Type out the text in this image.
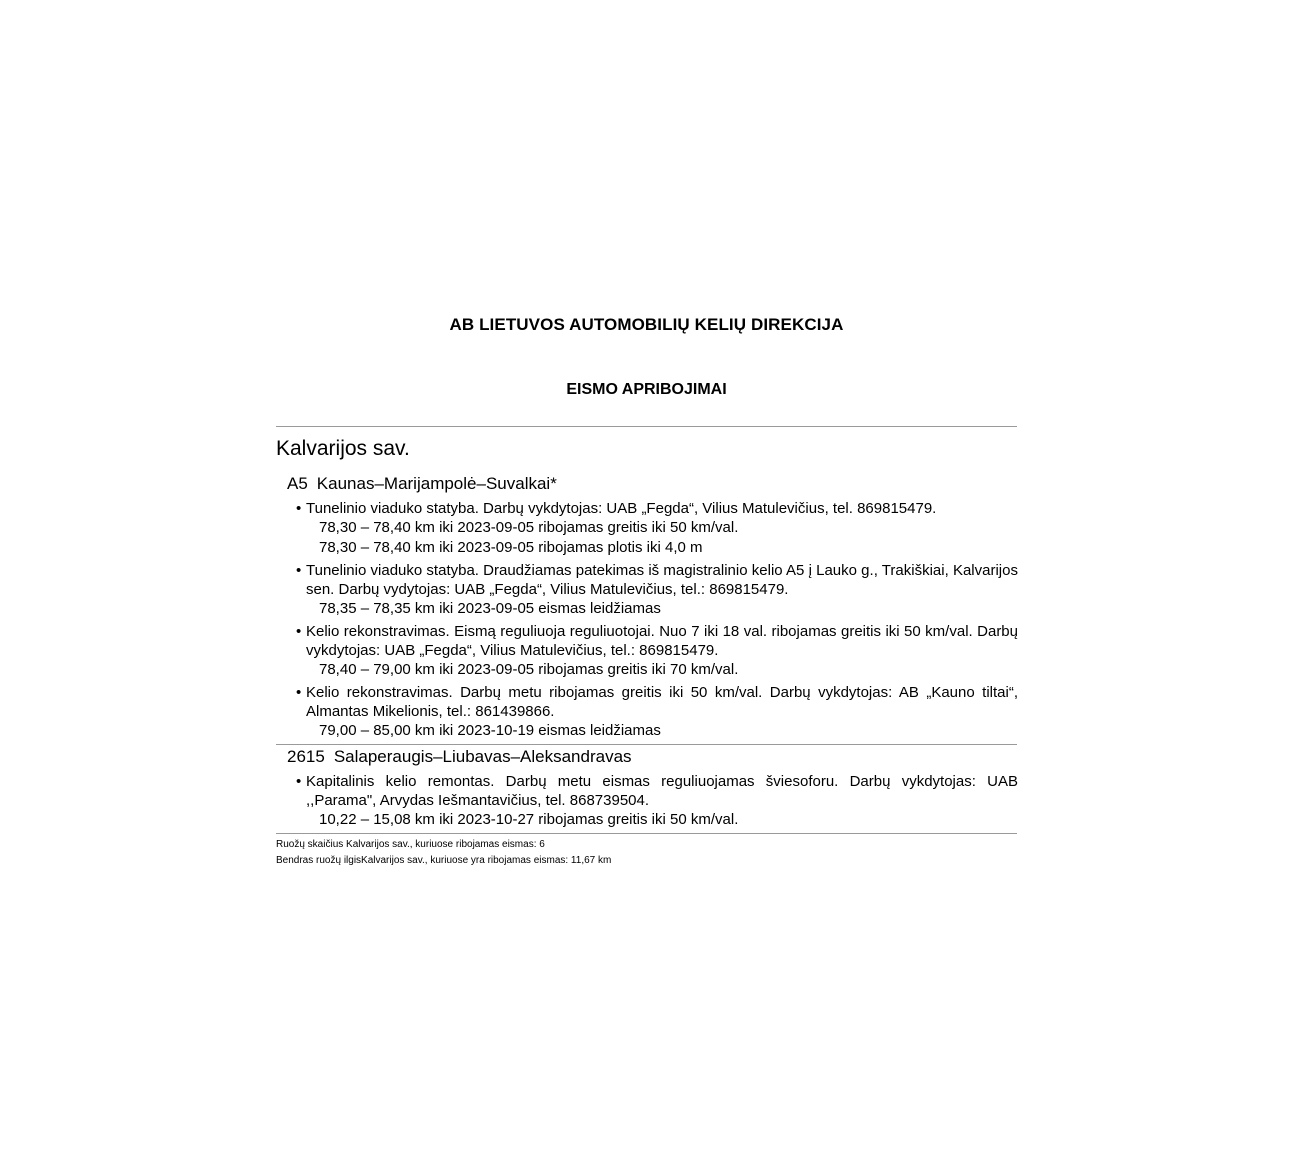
AB LIETUVOS AUTOMOBILIŲ KELIŲ DIREKCIJA
EISMO APRIBOJIMAI
Kalvarijos sav.
A5 Kaunas–Marijampolė–Suvalkai*
• Tunelinio viaduko statyba. Darbų vykdytojas: UAB „Fegda“, Vilius Matulevičius, tel. 869815479.
78,30 – 78,40 km iki 2023-09-05 ribojamas greitis iki 50 km/val.
78,30 – 78,40 km iki 2023-09-05 ribojamas plotis iki 4,0 m
• Tunelinio viaduko statyba. Draudžiamas patekimas iš magistralinio kelio A5 į Lauko g., Trakiškiai, Kalvarijos sen. Darbų vydytojas: UAB „Fegda“, Vilius Matulevičius, tel.: 869815479.
78,35 – 78,35 km iki 2023-09-05 eismas leidžiamas
• Kelio rekonstravimas. Eismą reguliuoja reguliuotojai. Nuo 7 iki 18 val. ribojamas greitis iki 50 km/val. Darbų vykdytojas: UAB „Fegda“, Vilius Matulevičius, tel.: 869815479.
78,40 – 79,00 km iki 2023-09-05 ribojamas greitis iki 70 km/val.
• Kelio rekonstravimas. Darbų metu ribojamas greitis iki 50 km/val. Darbų vykdytojas: AB „Kauno tiltai“, Almantas Mikelionis, tel.: 861439866.
79,00 – 85,00 km iki 2023-10-19 eismas leidžiamas
2615 Salaperaugis–Liubavas–Aleksandravas
• Kapitalinis kelio remontas. Darbų metu eismas reguliuojamas šviesoforu. Darbų vykdytojas: UAB ,,Parama", Arvydas Iešmantavičius, tel. 868739504.
10,22 – 15,08 km iki 2023-10-27 ribojamas greitis iki 50 km/val.
Ruožų skaičius Kalvarijos sav., kuriuose ribojamas eismas: 6
Bendras ruožų ilgisKalvarijos sav., kuriuose yra ribojamas eismas: 11,67 km
